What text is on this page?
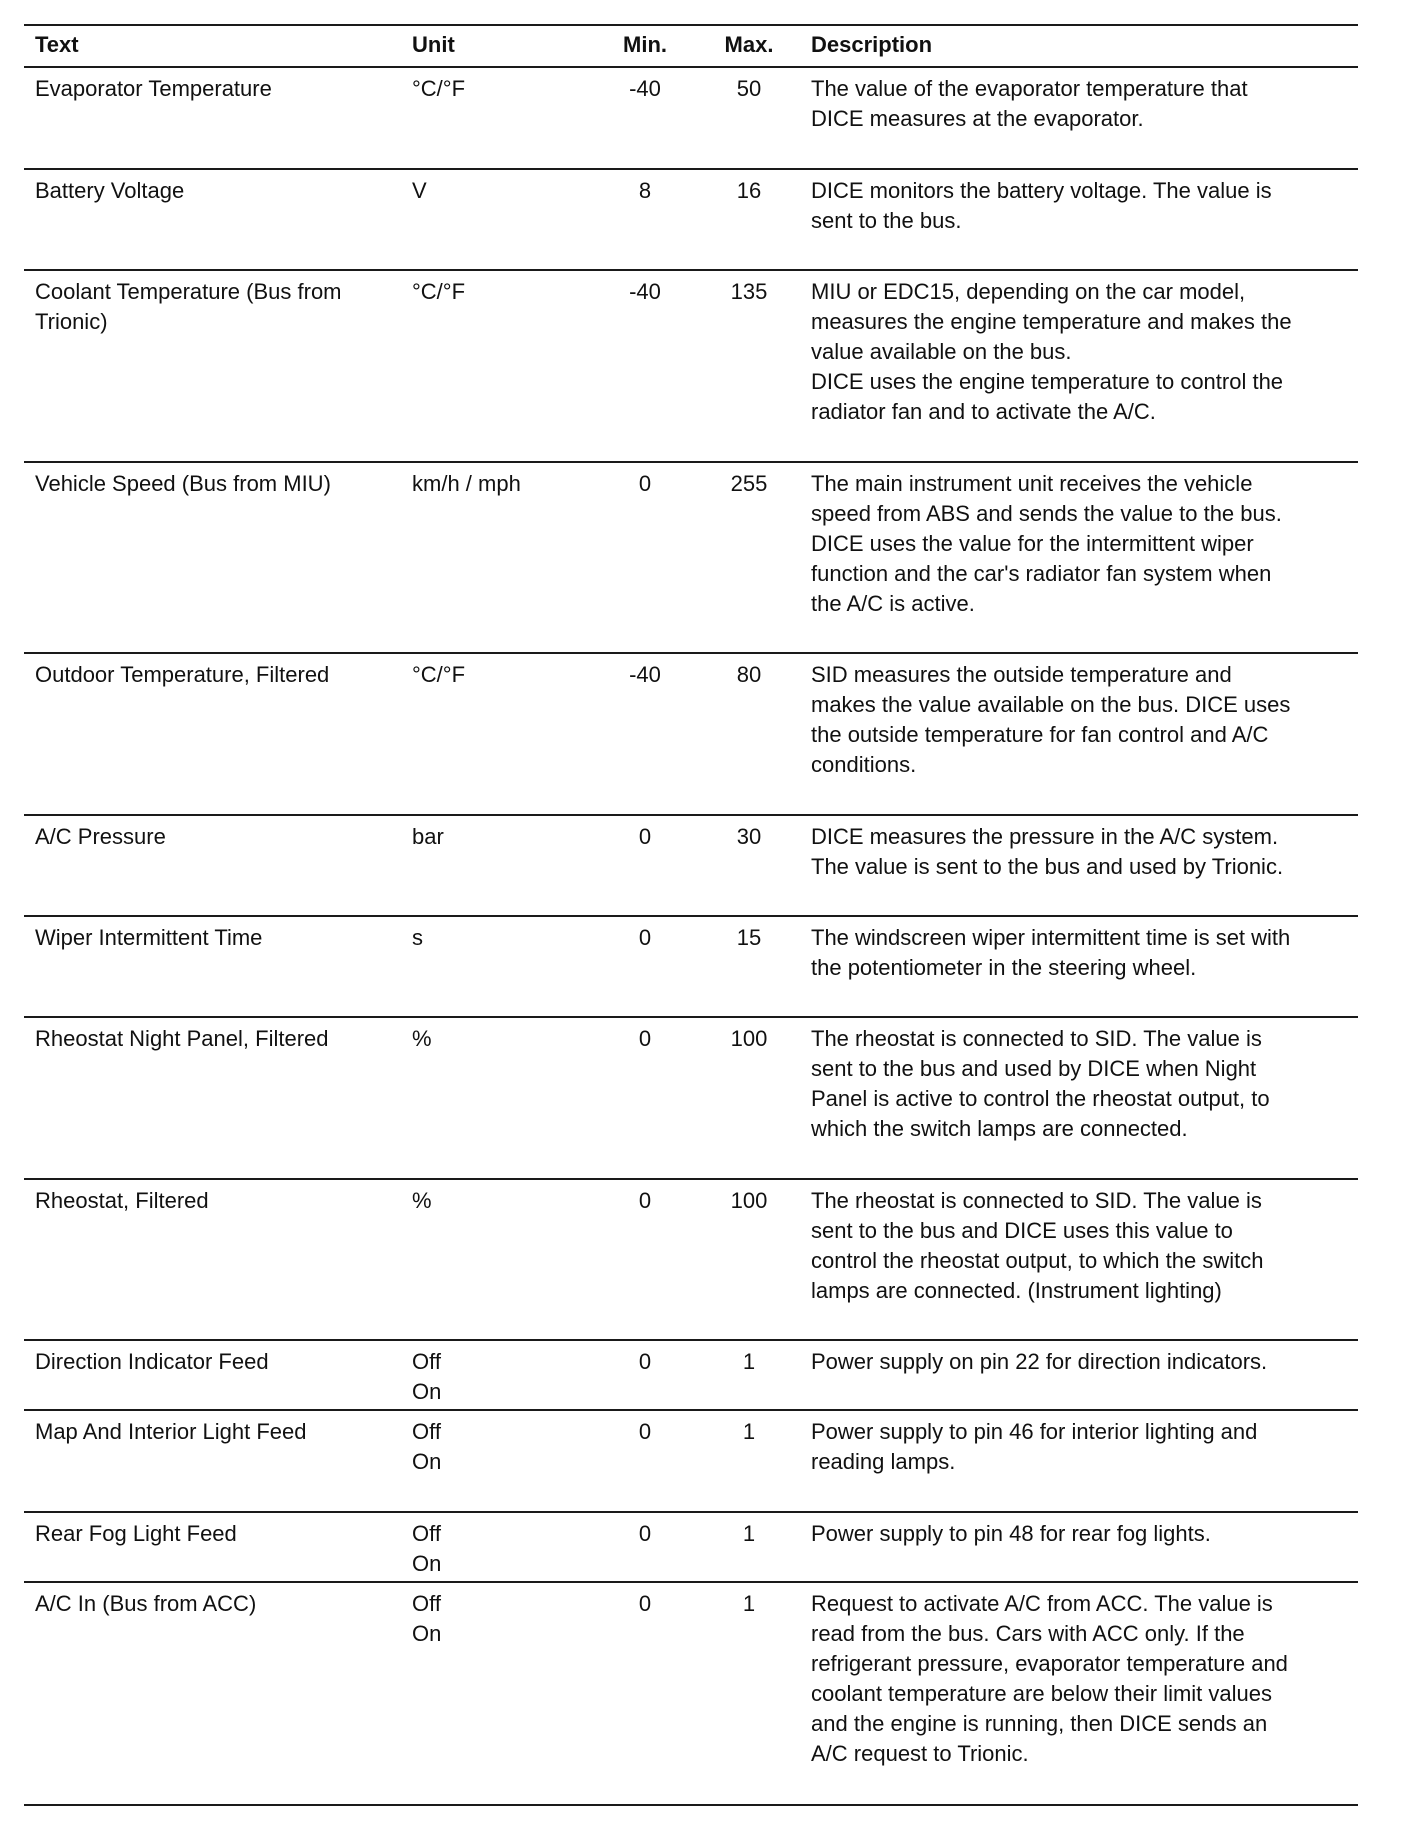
Text	Unit	Min.	Max.	Description
Evaporator Temperature	°C/°F	-40	50	The value of the evaporator temperature that
DICE measures at the evaporator.
Battery Voltage	V	8	16	DICE monitors the battery voltage. The value is
sent to the bus.
Coolant Temperature (Bus from
Trionic)
°C/°F	-40	135	MIU or EDC15, depending on the car model,
measures the engine temperature and makes the
value available on the bus.
DICE uses the engine temperature to control the
radiator fan and to activate the A/C.
Vehicle Speed (Bus from MIU)	km/h / mph	0	255	The main instrument unit receives the vehicle
speed from ABS and sends the value to the bus.
DICE uses the value for the intermittent wiper
function and the car's radiator fan system when
the A/C is active.
Outdoor Temperature, Filtered	°C/°F	-40	80	SID measures the outside temperature and
makes the value available on the bus. DICE uses
the outside temperature for fan control and A/C
conditions.
A/C Pressure	bar	0	30	DICE measures the pressure in the A/C system.
The value is sent to the bus and used by Trionic.
Wiper Intermittent Time	s	0	15	The windscreen wiper intermittent time is set with
the potentiometer in the steering wheel.
Rheostat Night Panel, Filtered	%	0	100	The rheostat is connected to SID. The value is
sent to the bus and used by DICE when Night
Panel is active to control the rheostat output, to
which the switch lamps are connected.
Rheostat, Filtered	%	0	100	The rheostat is connected to SID. The value is
sent to the bus and DICE uses this value to
control the rheostat output, to which the switch
lamps are connected. (Instrument lighting)
Direction Indicator Feed	Off
On
0	1	Power supply on pin 22 for direction indicators.
Map And Interior Light Feed	Off
On
0	1	Power supply to pin 46 for interior lighting and
reading lamps.
Rear Fog Light Feed	Off
On
0	1	Power supply to pin 48 for rear fog lights.
A/C In (Bus from ACC)	Off
On
0	1	Request to activate A/C from ACC. The value is
read from the bus. Cars with ACC only. If the
refrigerant pressure, evaporator temperature and
coolant temperature are below their limit values
and the engine is running, then DICE sends an
A/C request to Trionic.
